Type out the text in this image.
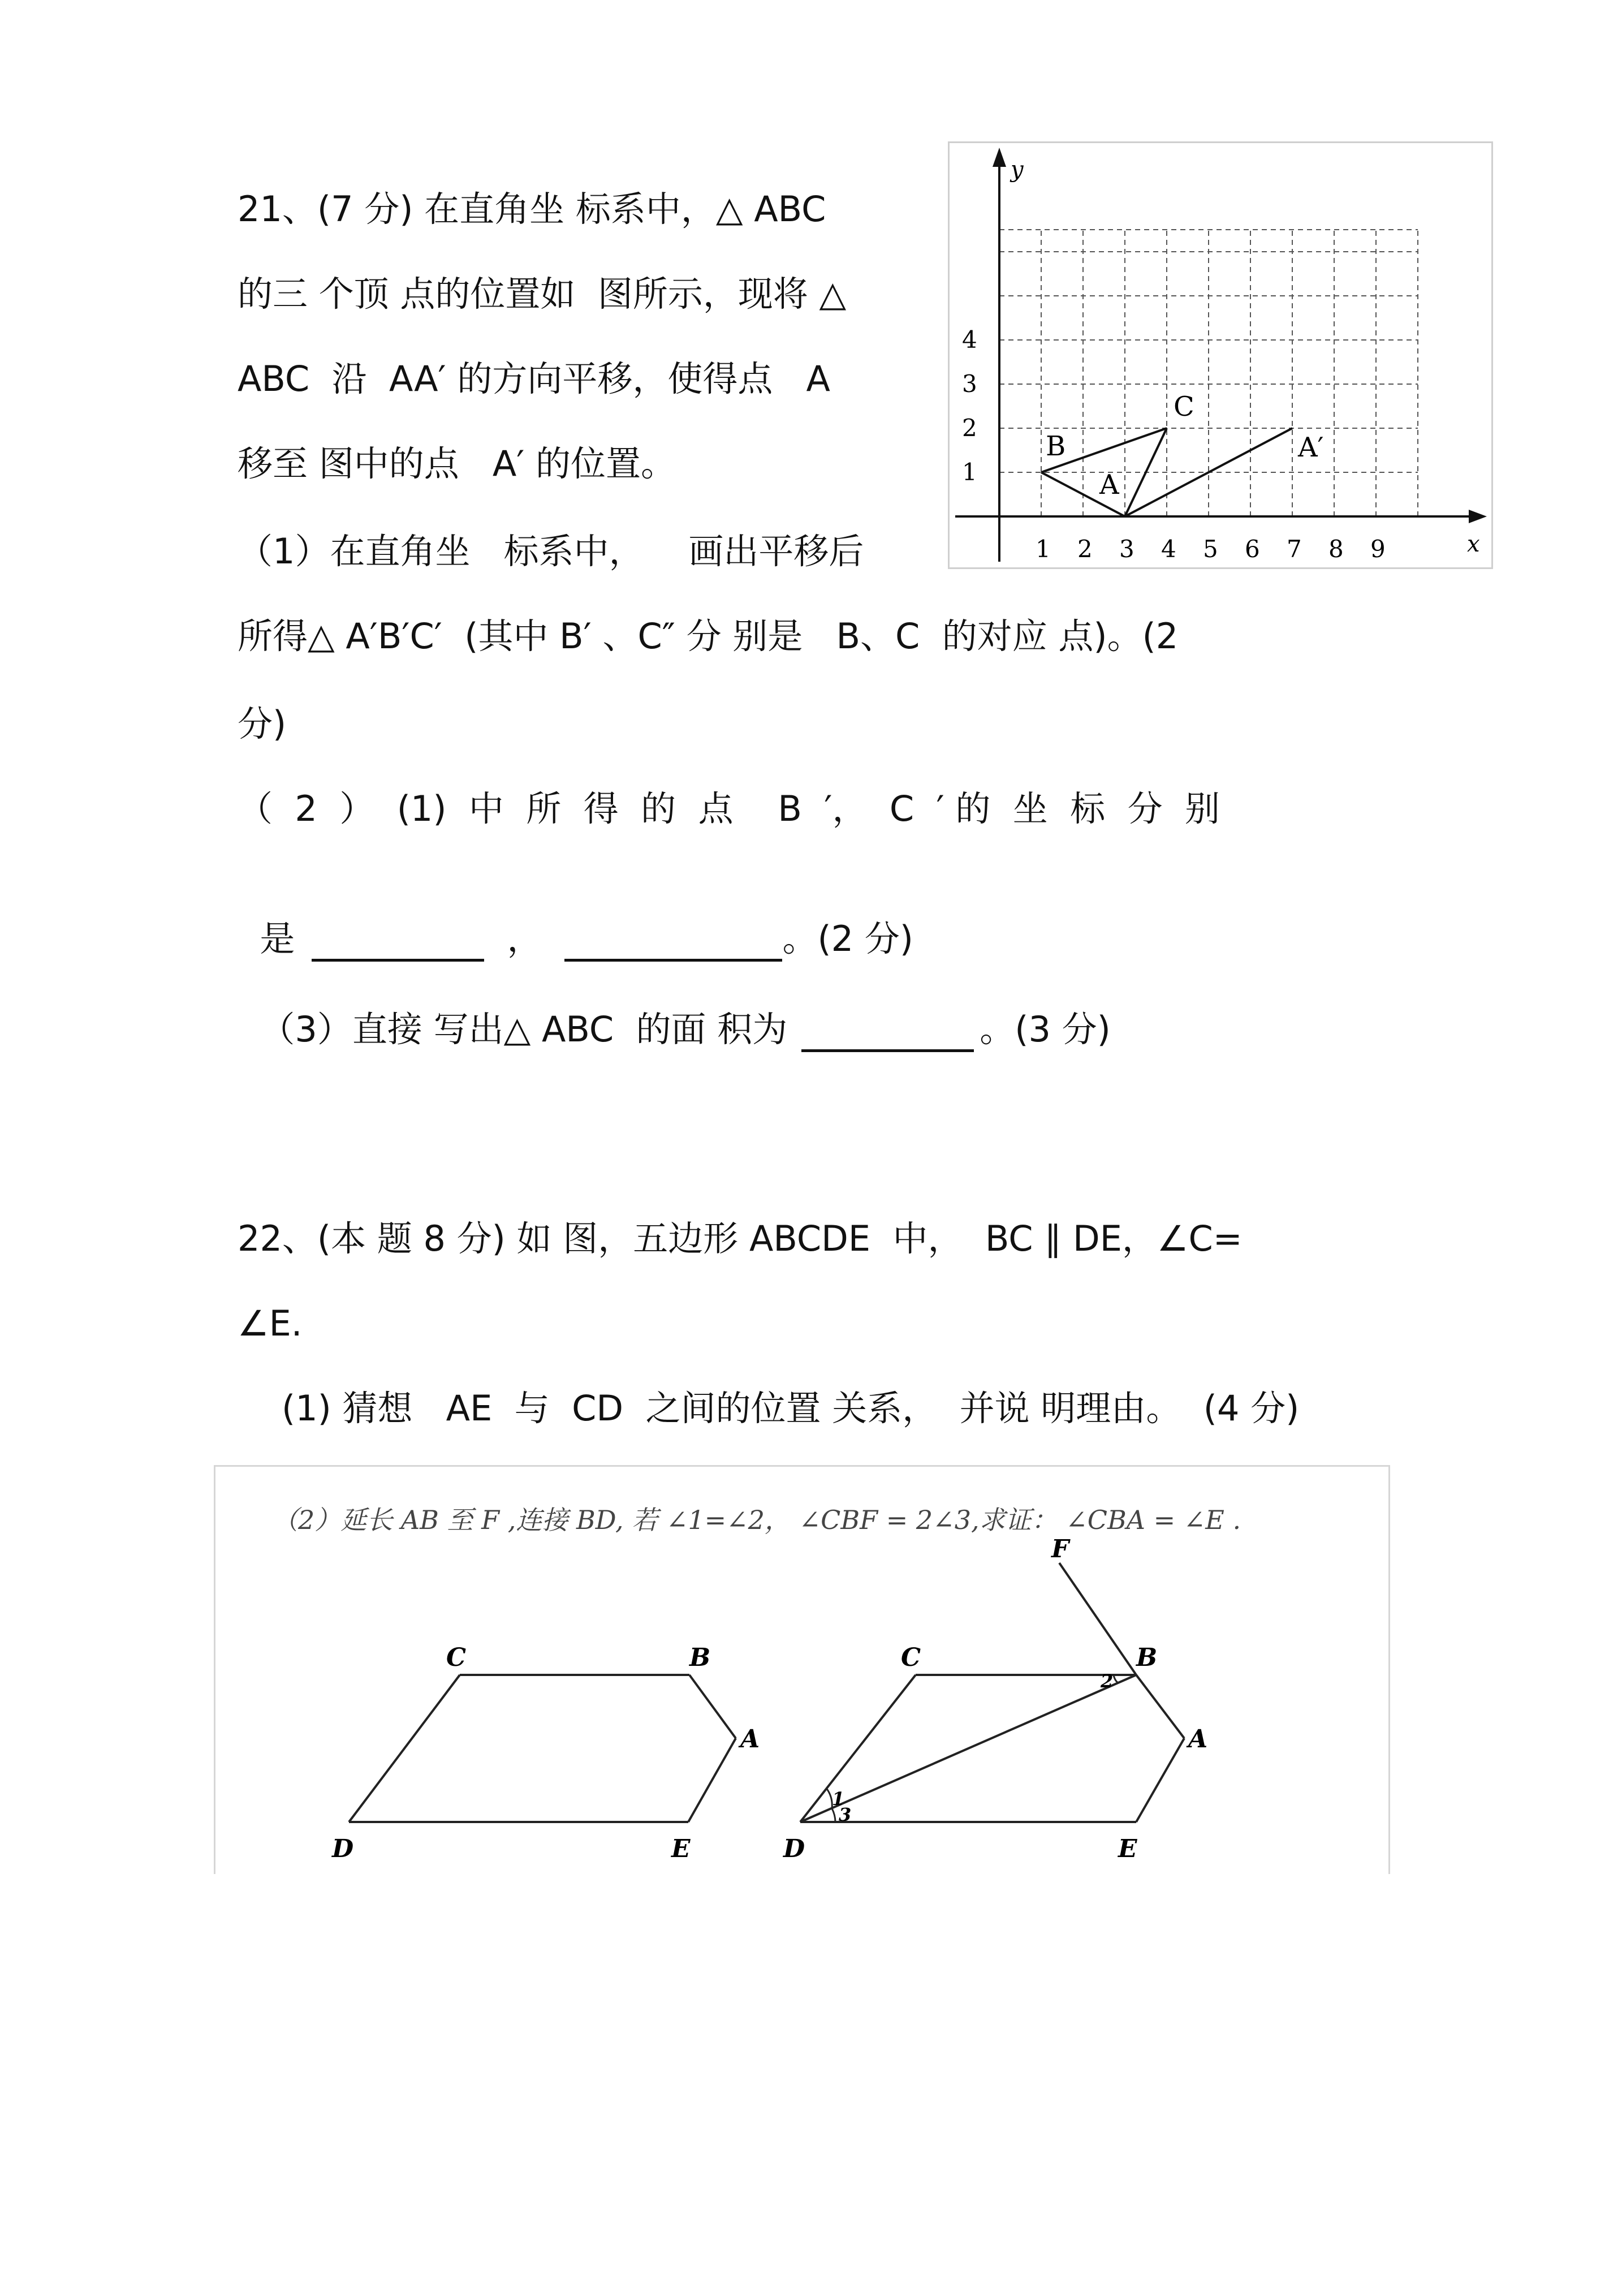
21、(7 分) 在直角坐 标系中，△ ABC
的三 个顶 点的位置如  图所示，现将 △
ABC  沿  AA′ 的方向平移，使得点   A
移至 图中的点   A′ 的位置。
（1）在直角坐   标系中，    画出平移后
所得△ A′B′C′  (其中 B′ 、C″ 分 别是   B、C  的对应 点)。(2
分)
（  2  ）  (1)  中  所  得  的  点    B  ′，  C  ′ 的  坐  标  分  别

是	，	。(2 分)

（3）直接 写出△ ABC  的面 积为	。(3 分)

y
x
1 2 3 4 5 6 7 8 9
1
2
3
4
A
B
C
A′
22、(本 题 8 分) 如 图，五边形 ABCDE  中，  BC ∥ DE，∠C=
∠E.
(1) 猜想   AE  与  CD  之间的位置 关系，  并说 明理由。  (4 分)
（2）延长 AB 至 F ,连接 BD, 若 ∠1=∠2， ∠CBF = 2∠3,求证： ∠CBA = ∠E .
C	B
A
D	E
F
C	B
A
D	E
1
2
3
